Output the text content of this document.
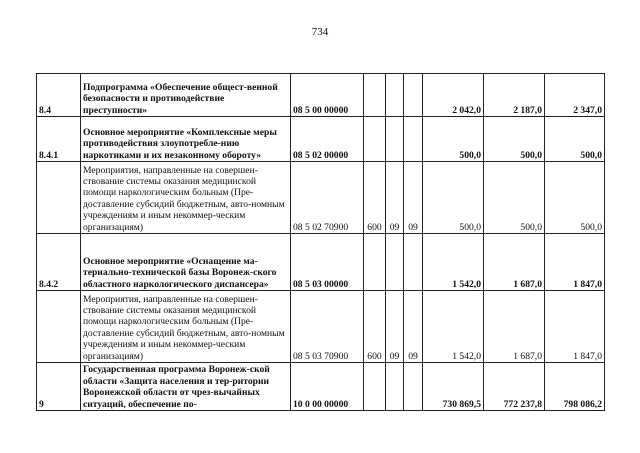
734
8.4	Подпрограмма «Обеспечение общест-венной безопасности и противодействие преступности»	08 5 00 00000				2 042,0	2 187,0	2 347,0
8.4.1	Основное мероприятие «Комплексные меры противодействия злоупотребле-нию наркотиками и их незаконному обороту»	08 5 02 00000				500,0	500,0	500,0
	Мероприятия, направленные на совершен-ствование системы оказания медицинской помощи наркологическим больным (Пре-доставление субсидий бюджетным, авто-номным учреждениям и иным некоммер-ческим организациям)	08 5 02 70900	600	09	09	500,0	500,0	500,0
8.4.2	Основное мероприятие «Оснащение ма-териально-технической базы Воронеж-ского областного наркологического диспансера»	08 5 03 00000				1 542,0	1 687,0	1 847,0
	Мероприятия, направленные на совершен-ствование системы оказания медицинской помощи наркологическим больным (Пре-доставление субсидий бюджетным, авто-номным учреждениям и иным некоммер-ческим организациям)	08 5 03 70900	600	09	09	1 542,0	1 687,0	1 847,0
9	Государственная программа Воронеж-ской области «Защита населения и тер-ритории Воронежской области от чрез-вычайных ситуаций, обеспечение по-	10 0 00 00000				730 869,5	772 237,8	798 086,2
